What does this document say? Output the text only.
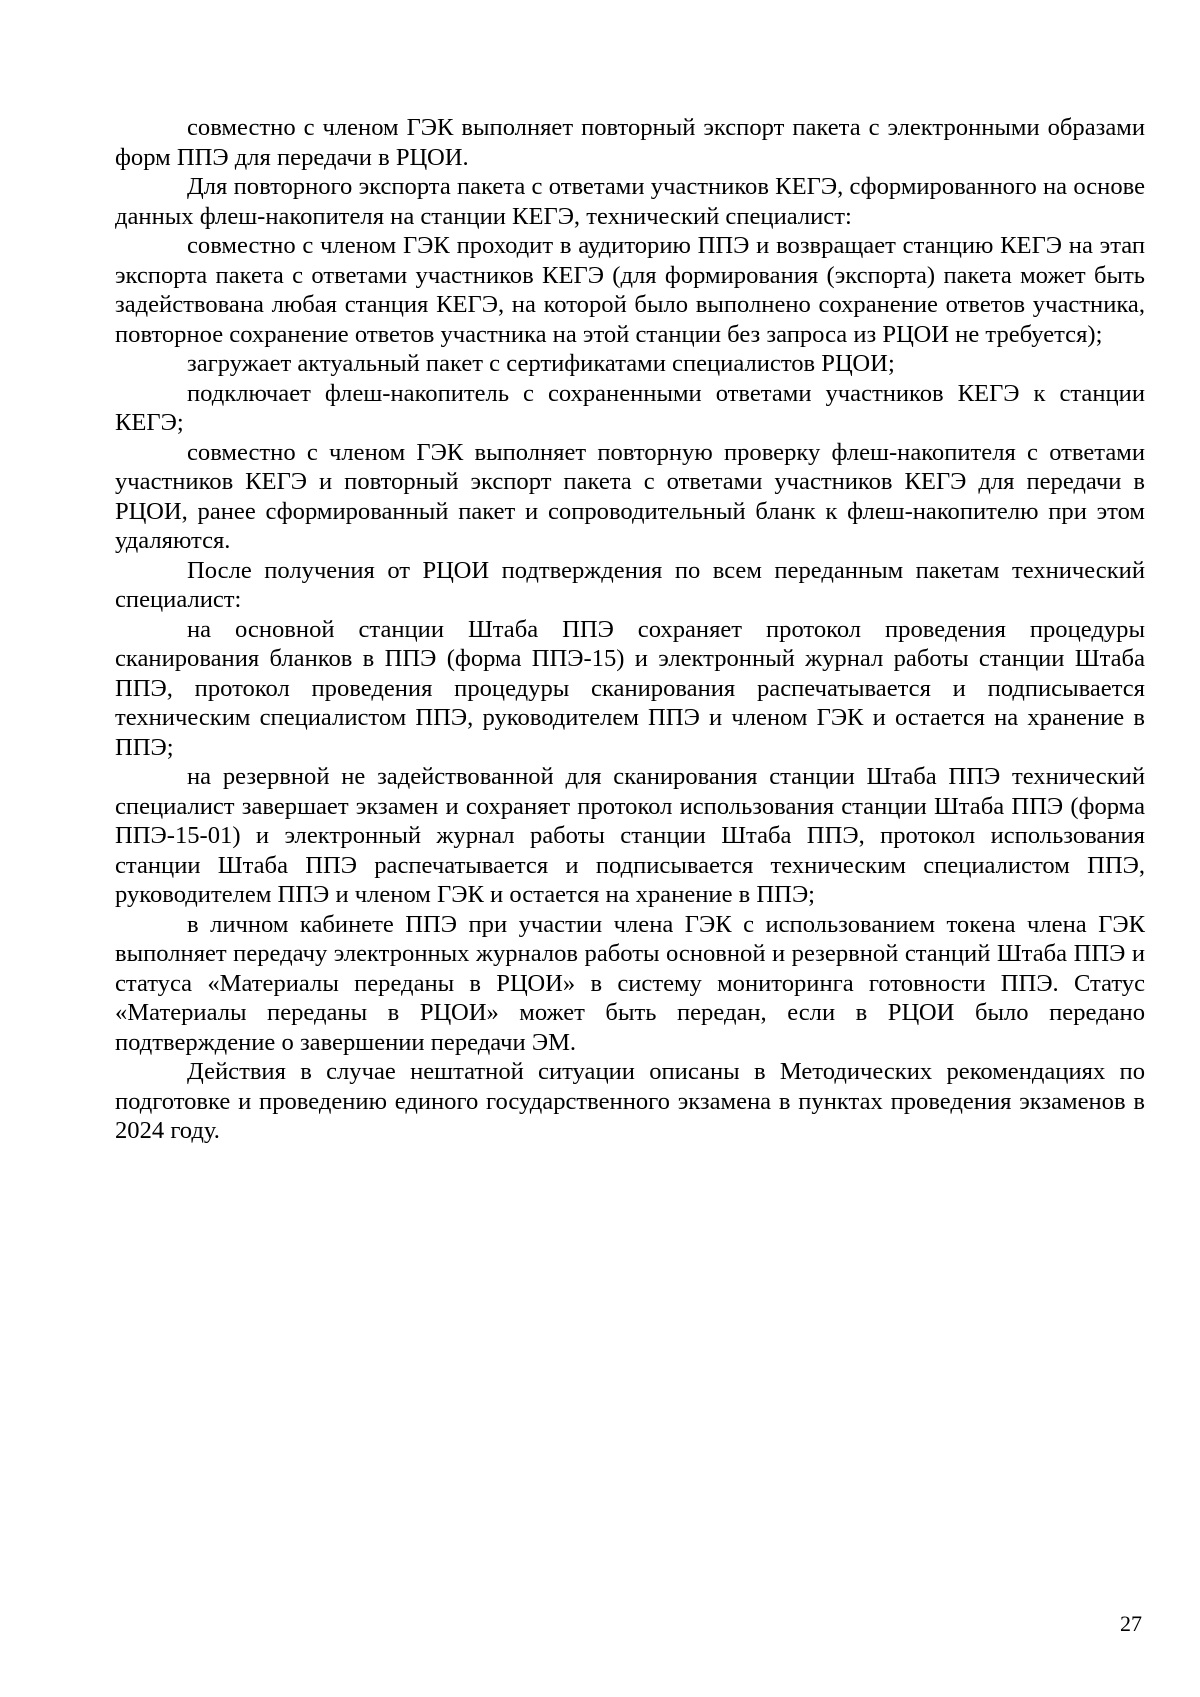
совместно с членом ГЭК выполняет повторный экспорт пакета с электронными образами форм ППЭ для передачи в РЦОИ.

Для повторного экспорта пакета с ответами участников КЕГЭ, сформированного на основе данных флеш-накопителя на станции КЕГЭ, технический специалист:

совместно с членом ГЭК проходит в аудиторию ППЭ и возвращает станцию КЕГЭ на этап экспорта пакета с ответами участников КЕГЭ (для формирования (экспорта) пакета может быть задействована любая станция КЕГЭ, на которой было выполнено сохранение ответов участника, повторное сохранение ответов участника на этой станции без запроса из РЦОИ не требуется);

загружает актуальный пакет с сертификатами специалистов РЦОИ;

подключает флеш-накопитель с сохраненными ответами участников КЕГЭ к станции КЕГЭ;

совместно с членом ГЭК выполняет повторную проверку флеш-накопителя с ответами участников КЕГЭ и повторный экспорт пакета с ответами участников КЕГЭ для передачи в РЦОИ, ранее сформированный пакет и сопроводительный бланк к флеш-накопителю при этом удаляются.

После получения от РЦОИ подтверждения по всем переданным пакетам технический специалист:

на основной станции Штаба ППЭ сохраняет протокол проведения процедуры сканирования бланков в ППЭ (форма ППЭ-15) и электронный журнал работы станции Штаба ППЭ, протокол проведения процедуры сканирования распечатывается и подписывается техническим специалистом ППЭ, руководителем ППЭ и членом ГЭК и остается на хранение в ППЭ;

на резервной не задействованной для сканирования станции Штаба ППЭ технический специалист завершает экзамен и сохраняет протокол использования станции Штаба ППЭ (форма ППЭ-15-01) и электронный журнал работы станции Штаба ППЭ, протокол использования станции Штаба ППЭ распечатывается и подписывается техническим специалистом ППЭ, руководителем ППЭ и членом ГЭК и остается на хранение в ППЭ;

в личном кабинете ППЭ при участии члена ГЭК с использованием токена члена ГЭК выполняет передачу электронных журналов работы основной и резервной станций Штаба ППЭ и статуса «Материалы переданы в РЦОИ» в систему мониторинга готовности ППЭ. Статус «Материалы переданы в РЦОИ» может быть передан, если в РЦОИ было передано подтверждение о завершении передачи ЭМ.

Действия в случае нештатной ситуации описаны в Методических рекомендациях по подготовке и проведению единого государственного экзамена в пунктах проведения экзаменов в 2024 году.

27
